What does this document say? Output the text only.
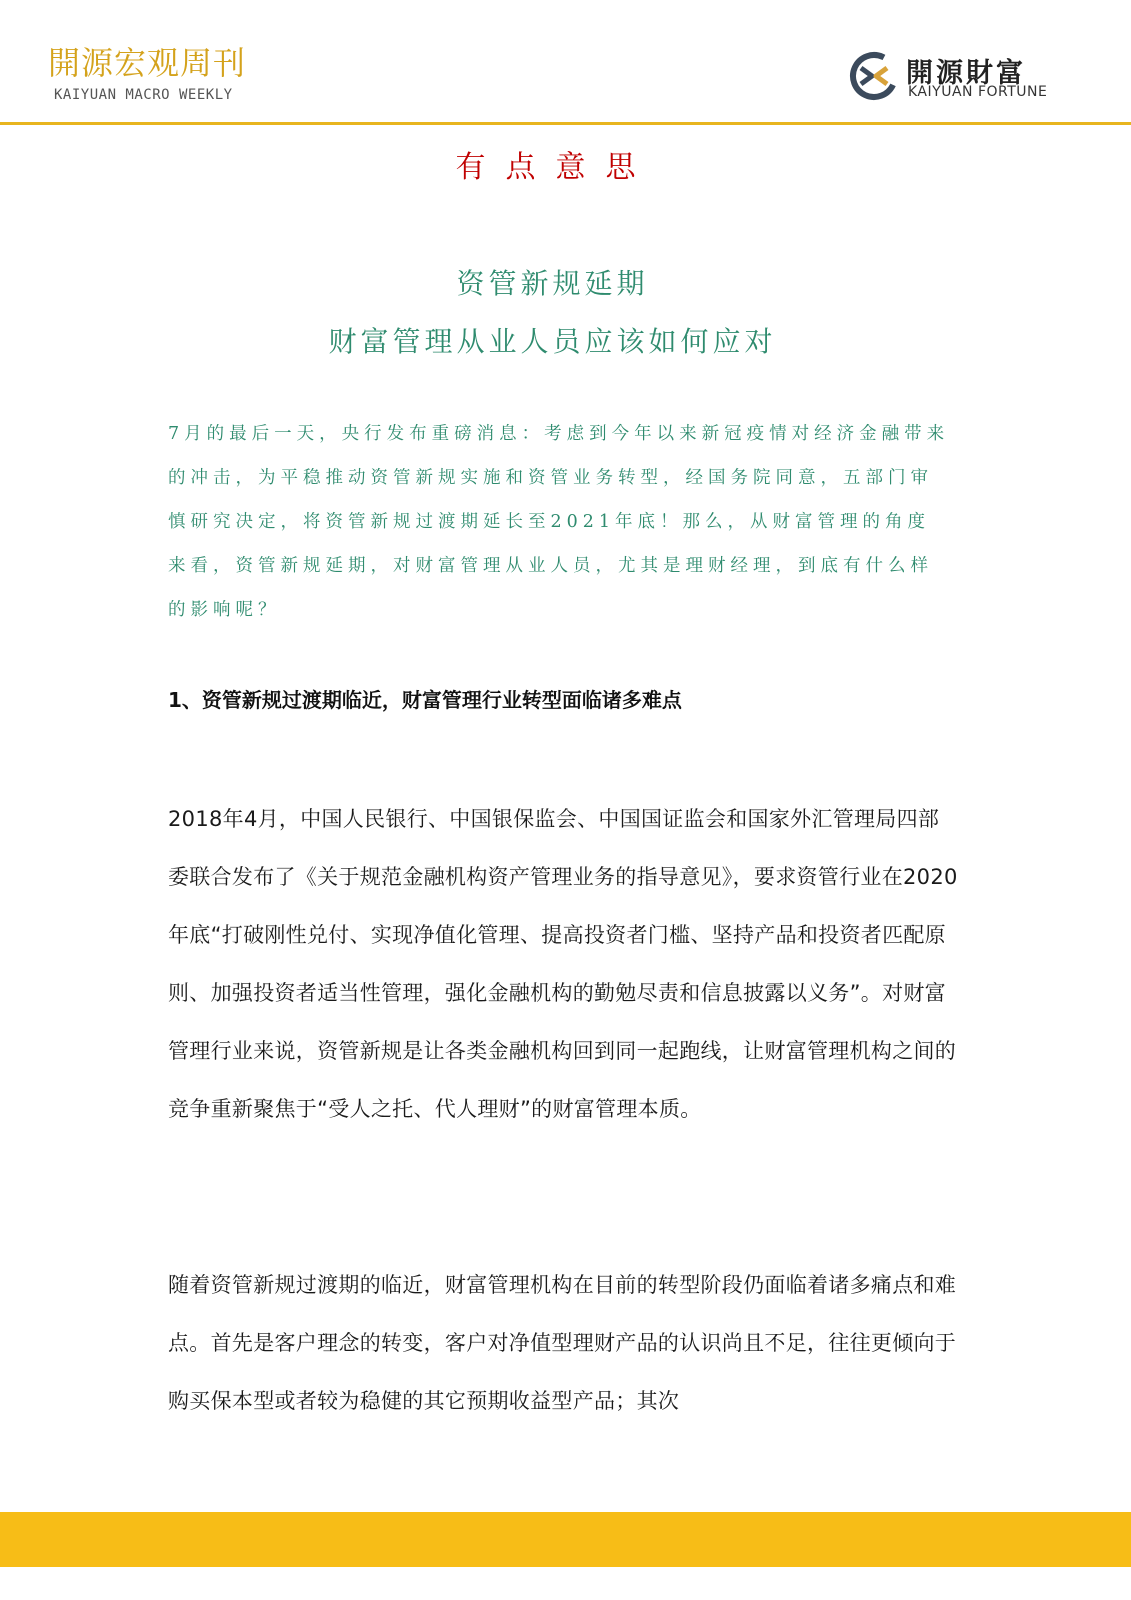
開源宏观周刊
KAIYUAN MACRO WEEKLY
開源財富
KAIYUAN FORTUNE
有点意思
资管新规延期
财富管理从业人员应该如何应对

7月的最后一天，央行发布重磅消息：考虑到今年以来新冠疫情对经济金融带来的冲击，为平稳推动资管新规实施和资管业务转型，经国务院同意，五部门审慎研究决定，将资管新规过渡期延长至2021年底！那么，从财富管理的角度来看，资管新规延期，对财富管理从业人员，尤其是理财经理，到底有什么样的影响呢？

1、资管新规过渡期临近，财富管理行业转型面临诸多难点

2018年4月，中国人民银行、中国银保监会、中国国证监会和国家外汇管理局四部委联合发布了《关于规范金融机构资产管理业务的指导意见》，要求资管行业在2020年底“打破刚性兑付、实现净值化管理、提高投资者门槛、坚持产品和投资者匹配原则、加强投资者适当性管理，强化金融机构的勤勉尽责和信息披露以义务”。对财富管理行业来说，资管新规是让各类金融机构回到同一起跑线，让财富管理机构之间的竞争重新聚焦于“受人之托、代人理财”的财富管理本质。

随着资管新规过渡期的临近，财富管理机构在目前的转型阶段仍面临着诸多痛点和难点。首先是客户理念的转变，客户对净值型理财产品的认识尚且不足，往往更倾向于购买保本型或者较为稳健的其它预期收益型产品；其次
